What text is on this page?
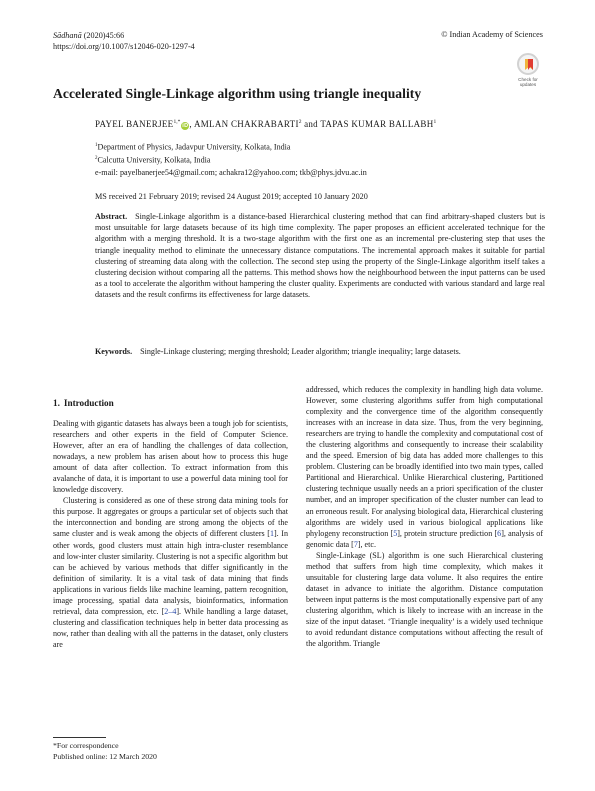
Sādhanā (2020)45:66
https://doi.org/10.1007/s12046-020-1297-4
© Indian Academy of Sciences
Check for
updates
Accelerated Single-Linkage algorithm using triangle inequality
PAYEL $BANERJEE^{1,*}iD$, AMLAN CHAKRABARTI$^2$ and TAPAS KUMAR BALLABH$^1$
$^1$Department of Physics, Jadavpur University, Kolkata, India
$^2$Calcutta University, Kolkata, India
e-mail: payelbanerjee54@gmail.com; achakra12@yahoo.com; tkb@phys.jdvu.ac.in
MS received 21 February 2019; revised 24 August 2019; accepted 10 January 2020
Abstract. Single-Linkage algorithm is a distance-based Hierarchical clustering method that can find arbitrary-shaped clusters but is most unsuitable for large datasets because of its high time complexity. The paper proposes an efficient accelerated technique for the algorithm with a merging threshold. It is a two-stage algorithm with the first one as an incremental pre-clustering step that uses the triangle inequality method to eliminate the unnecessary distance computations. The incremental approach makes it suitable for partial clustering of streaming data along with the collection. The second step using the property of the Single-Linkage algorithm itself takes a clustering decision without comparing all the patterns. This method shows how the neighbourhood between the input patterns can be used as a tool to accelerate the algorithm without hampering the cluster quality. Experiments are conducted with various standard and large real datasets and the result confirms its effectiveness for large datasets.
Keywords. Single-Linkage clustering; merging threshold; Leader algorithm; triangle inequality; large datasets.
1. Introduction

Dealing with gigantic datasets has always been a tough job for scientists, researchers and other experts in the field of Computer Science. However, after an era of handling the challenges of data collection, nowadays, a new problem has arisen about how to process this huge amount of data after collection. To extract information from this avalanche of data, it is important to use a powerful data mining tool for knowledge discovery.

Clustering is considered as one of these strong data mining tools for this purpose. It aggregates or groups a particular set of objects such that the interconnection and bonding are strong among the objects of the same cluster and is weak among the objects of different clusters [1]. In other words, good clusters must attain high intra-cluster resemblance and low-inter cluster similarity. Clustering is not a specific algorithm but can be achieved by various methods that differ significantly in the definition of similarity. It is a vital task of data mining that finds applications in various fields like machine learning, pattern recognition, image processing, spatial data analysis, bioinformatics, information retrieval, data compression, etc. [2–4]. While handling a large dataset, clustering and classification techniques help in better data processing as now, rather than dealing with all the patterns in the dataset, only clusters are

addressed, which reduces the complexity in handling high data volume. However, some clustering algorithms suffer from high computational complexity and the convergence time of the algorithm consequently increases with an increase in data size. Thus, from the very beginning, researchers are trying to handle the complexity and computational cost of the clustering algorithms and consequently to increase their scalability and the speed. Emersion of big data has added more challenges to this problem. Clustering can be broadly identified into two main types, called Partitional and Hierarchical. Unlike Hierarchical clustering, Partitioned clustering technique usually needs an a priori specification of the cluster number, and an improper specification of the cluster number can lead to an erroneous result. For analysing biological data, Hierarchical clustering algorithms are widely used in various biological applications like phylogeny reconstruction [5], protein structure prediction [6], analysis of genomic data [7], etc.

Single-Linkage (SL) algorithm is one such Hierarchical clustering method that suffers from high time complexity, which makes it unsuitable for clustering large data volume. It also requires the entire dataset in advance to initiate the algorithm. Distance computation between input patterns is the most computationally expensive part of any clustering algorithm, which is likely to increase with an increase in the size of the input dataset. ‘Triangle inequality’ is a widely used technique to avoid redundant distance computations without affecting the result of the algorithm. Triangle

*For correspondence
Published online: 12 March 2020
